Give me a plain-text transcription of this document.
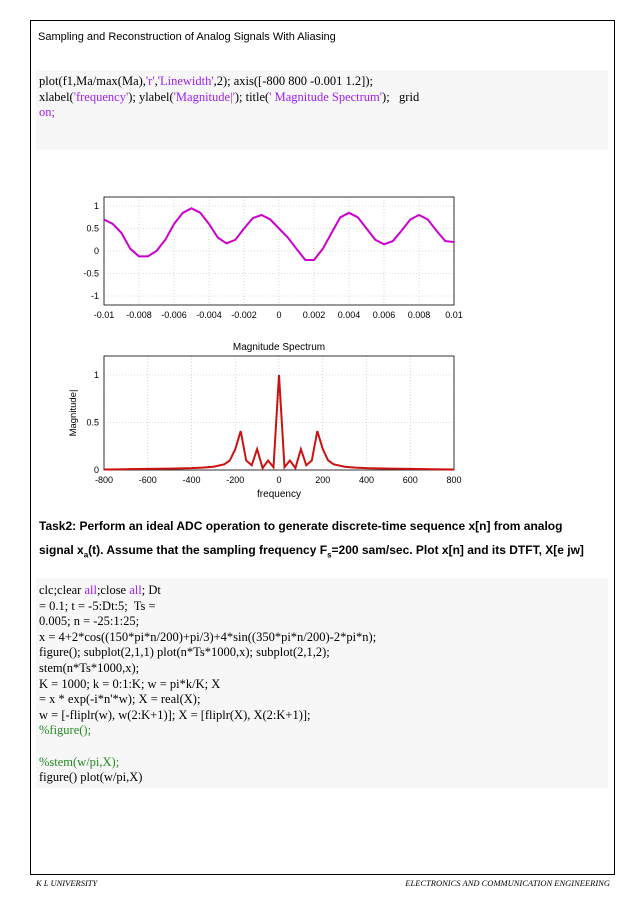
Sampling and Reconstruction of Analog Signals With Aliasing
plot(f1,Ma/max(Ma),'r','Linewidth',2); axis([-800 800 -0.001 1.2]);
xlabel('frequency'); ylabel('Magnitude|'); title(' Magnitude Spectrum');   grid
on;
-0.01 -0.008 -0.006 -0.004 -0.002 0 0.002 0.004 0.006 0.008 0.01
1
0.5
0
-0.5
-1
-800	-600	-400	-200	0	200	400	600	800
1
0.5
0
Magnitude Spectrum
frequency
Magnitude|
Task2: Perform an ideal ADC operation to generate discrete-time sequence x[n] from analog
signal $x_a(t)$. Assume that the sampling frequency $F_s=200$ sam/sec. Plot x[n] and its DTFT, X[e jw]
clc;clear all;close all; Dt
= 0.1; t = -5:Dt:5;  Ts =
0.005; n = -25:1:25;
x = 4+2*cos((150*pi*n/200)+pi/3)+4*sin((350*pi*n/200)-2*pi*n);
figure(); subplot(2,1,1) plot(n*Ts*1000,x); subplot(2,1,2);
stem(n*Ts*1000,x);
K = 1000; k = 0:1:K; w = pi*k/K; X
= x * exp(-i*n'*w); X = real(X);
w = [-fliplr(w), w(2:K+1)]; X = [fliplr(X), X(2:K+1)];
%figure();

%stem(w/pi,X);
figure() plot(w/pi,X)
K L UNIVERSITY	ELECTRONICS AND COMMUNICATION ENGINEERING
